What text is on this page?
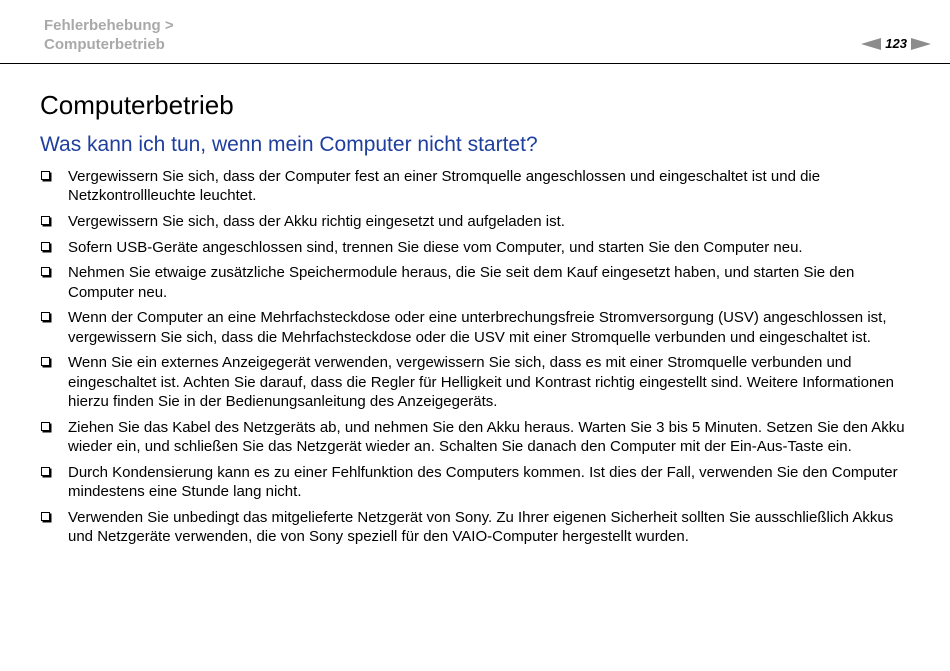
Fehlerbehebung >
Computerbetrieb	123
Computerbetrieb
Was kann ich tun, wenn mein Computer nicht startet?
Vergewissern Sie sich, dass der Computer fest an einer Stromquelle angeschlossen und eingeschaltet ist und die Netzkontrollleuchte leuchtet.
Vergewissern Sie sich, dass der Akku richtig eingesetzt und aufgeladen ist.
Sofern USB-Geräte angeschlossen sind, trennen Sie diese vom Computer, und starten Sie den Computer neu.
Nehmen Sie etwaige zusätzliche Speichermodule heraus, die Sie seit dem Kauf eingesetzt haben, und starten Sie den Computer neu.
Wenn der Computer an eine Mehrfachsteckdose oder eine unterbrechungsfreie Stromversorgung (USV) angeschlossen ist, vergewissern Sie sich, dass die Mehrfachsteckdose oder die USV mit einer Stromquelle verbunden und eingeschaltet ist.
Wenn Sie ein externes Anzeigegerät verwenden, vergewissern Sie sich, dass es mit einer Stromquelle verbunden und eingeschaltet ist. Achten Sie darauf, dass die Regler für Helligkeit und Kontrast richtig eingestellt sind. Weitere Informationen hierzu finden Sie in der Bedienungsanleitung des Anzeigegeräts.
Ziehen Sie das Kabel des Netzgeräts ab, und nehmen Sie den Akku heraus. Warten Sie 3 bis 5 Minuten. Setzen Sie den Akku wieder ein, und schließen Sie das Netzgerät wieder an. Schalten Sie danach den Computer mit der Ein-Aus-Taste ein.
Durch Kondensierung kann es zu einer Fehlfunktion des Computers kommen. Ist dies der Fall, verwenden Sie den Computer mindestens eine Stunde lang nicht.
Verwenden Sie unbedingt das mitgelieferte Netzgerät von Sony. Zu Ihrer eigenen Sicherheit sollten Sie ausschließlich Akkus und Netzgeräte verwenden, die von Sony speziell für den VAIO-Computer hergestellt wurden.
